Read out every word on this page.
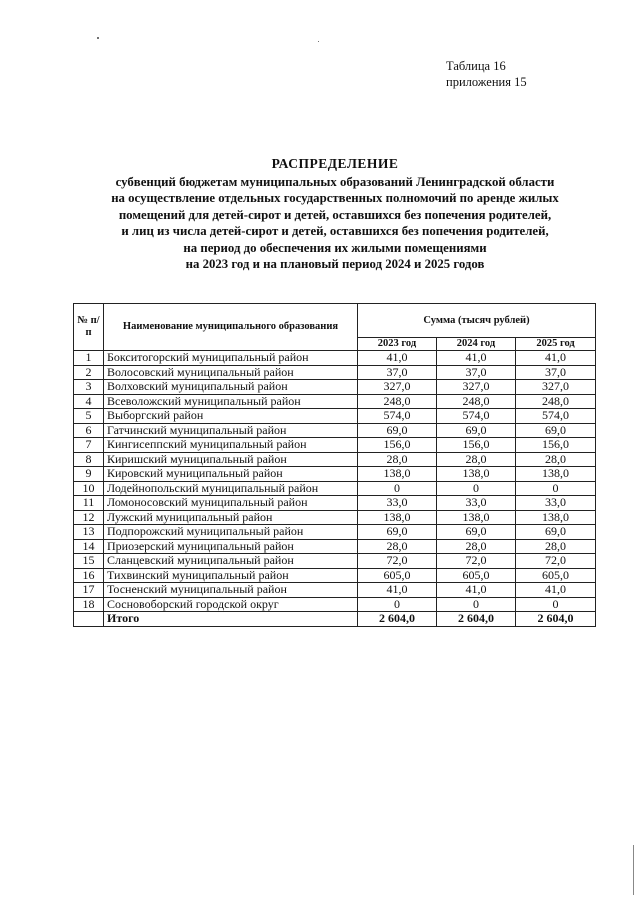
Таблица 16
приложения 15
РАСПРЕДЕЛЕНИЕ
субвенций бюджетам муниципальных образований Ленинградской области
на осуществление отдельных государственных полномочий по аренде жилых
помещений для детей-сирот и детей, оставшихся без попечения родителей,
и лиц из числа детей-сирот и детей, оставшихся без попечения родителей,
на период до обеспечения их жилыми помещениями
на 2023 год и на плановый период 2024 и 2025 годов
№ п/п	Наименование муниципального образования	Сумма (тысяч рублей)		
		2023 год	2024 год	2025 год
1	Бокситогорский муниципальный район	41,0	41,0	41,0
2	Волосовский муниципальный район	37,0	37,0	37,0
3	Волховский муниципальный район	327,0	327,0	327,0
4	Всеволожский муниципальный район	248,0	248,0	248,0
5	Выборгский район	574,0	574,0	574,0
6	Гатчинский муниципальный район	69,0	69,0	69,0
7	Кингисеппский муниципальный район	156,0	156,0	156,0
8	Киришский муниципальный район	28,0	28,0	28,0
9	Кировский муниципальный район	138,0	138,0	138,0
10	Лодейнопольский муниципальный район	0	0	0
11	Ломоносовский муниципальный район	33,0	33,0	33,0
12	Лужский муниципальный район	138,0	138,0	138,0
13	Подпорожский муниципальный район	69,0	69,0	69,0
14	Приозерский муниципальный район	28,0	28,0	28,0
15	Сланцевский муниципальный район	72,0	72,0	72,0
16	Тихвинский муниципальный район	605,0	605,0	605,0
17	Тосненский муниципальный район	41,0	41,0	41,0
18	Сосновоборский городской округ	0	0	0
	Итого	2 604,0	2 604,0	2 604,0
